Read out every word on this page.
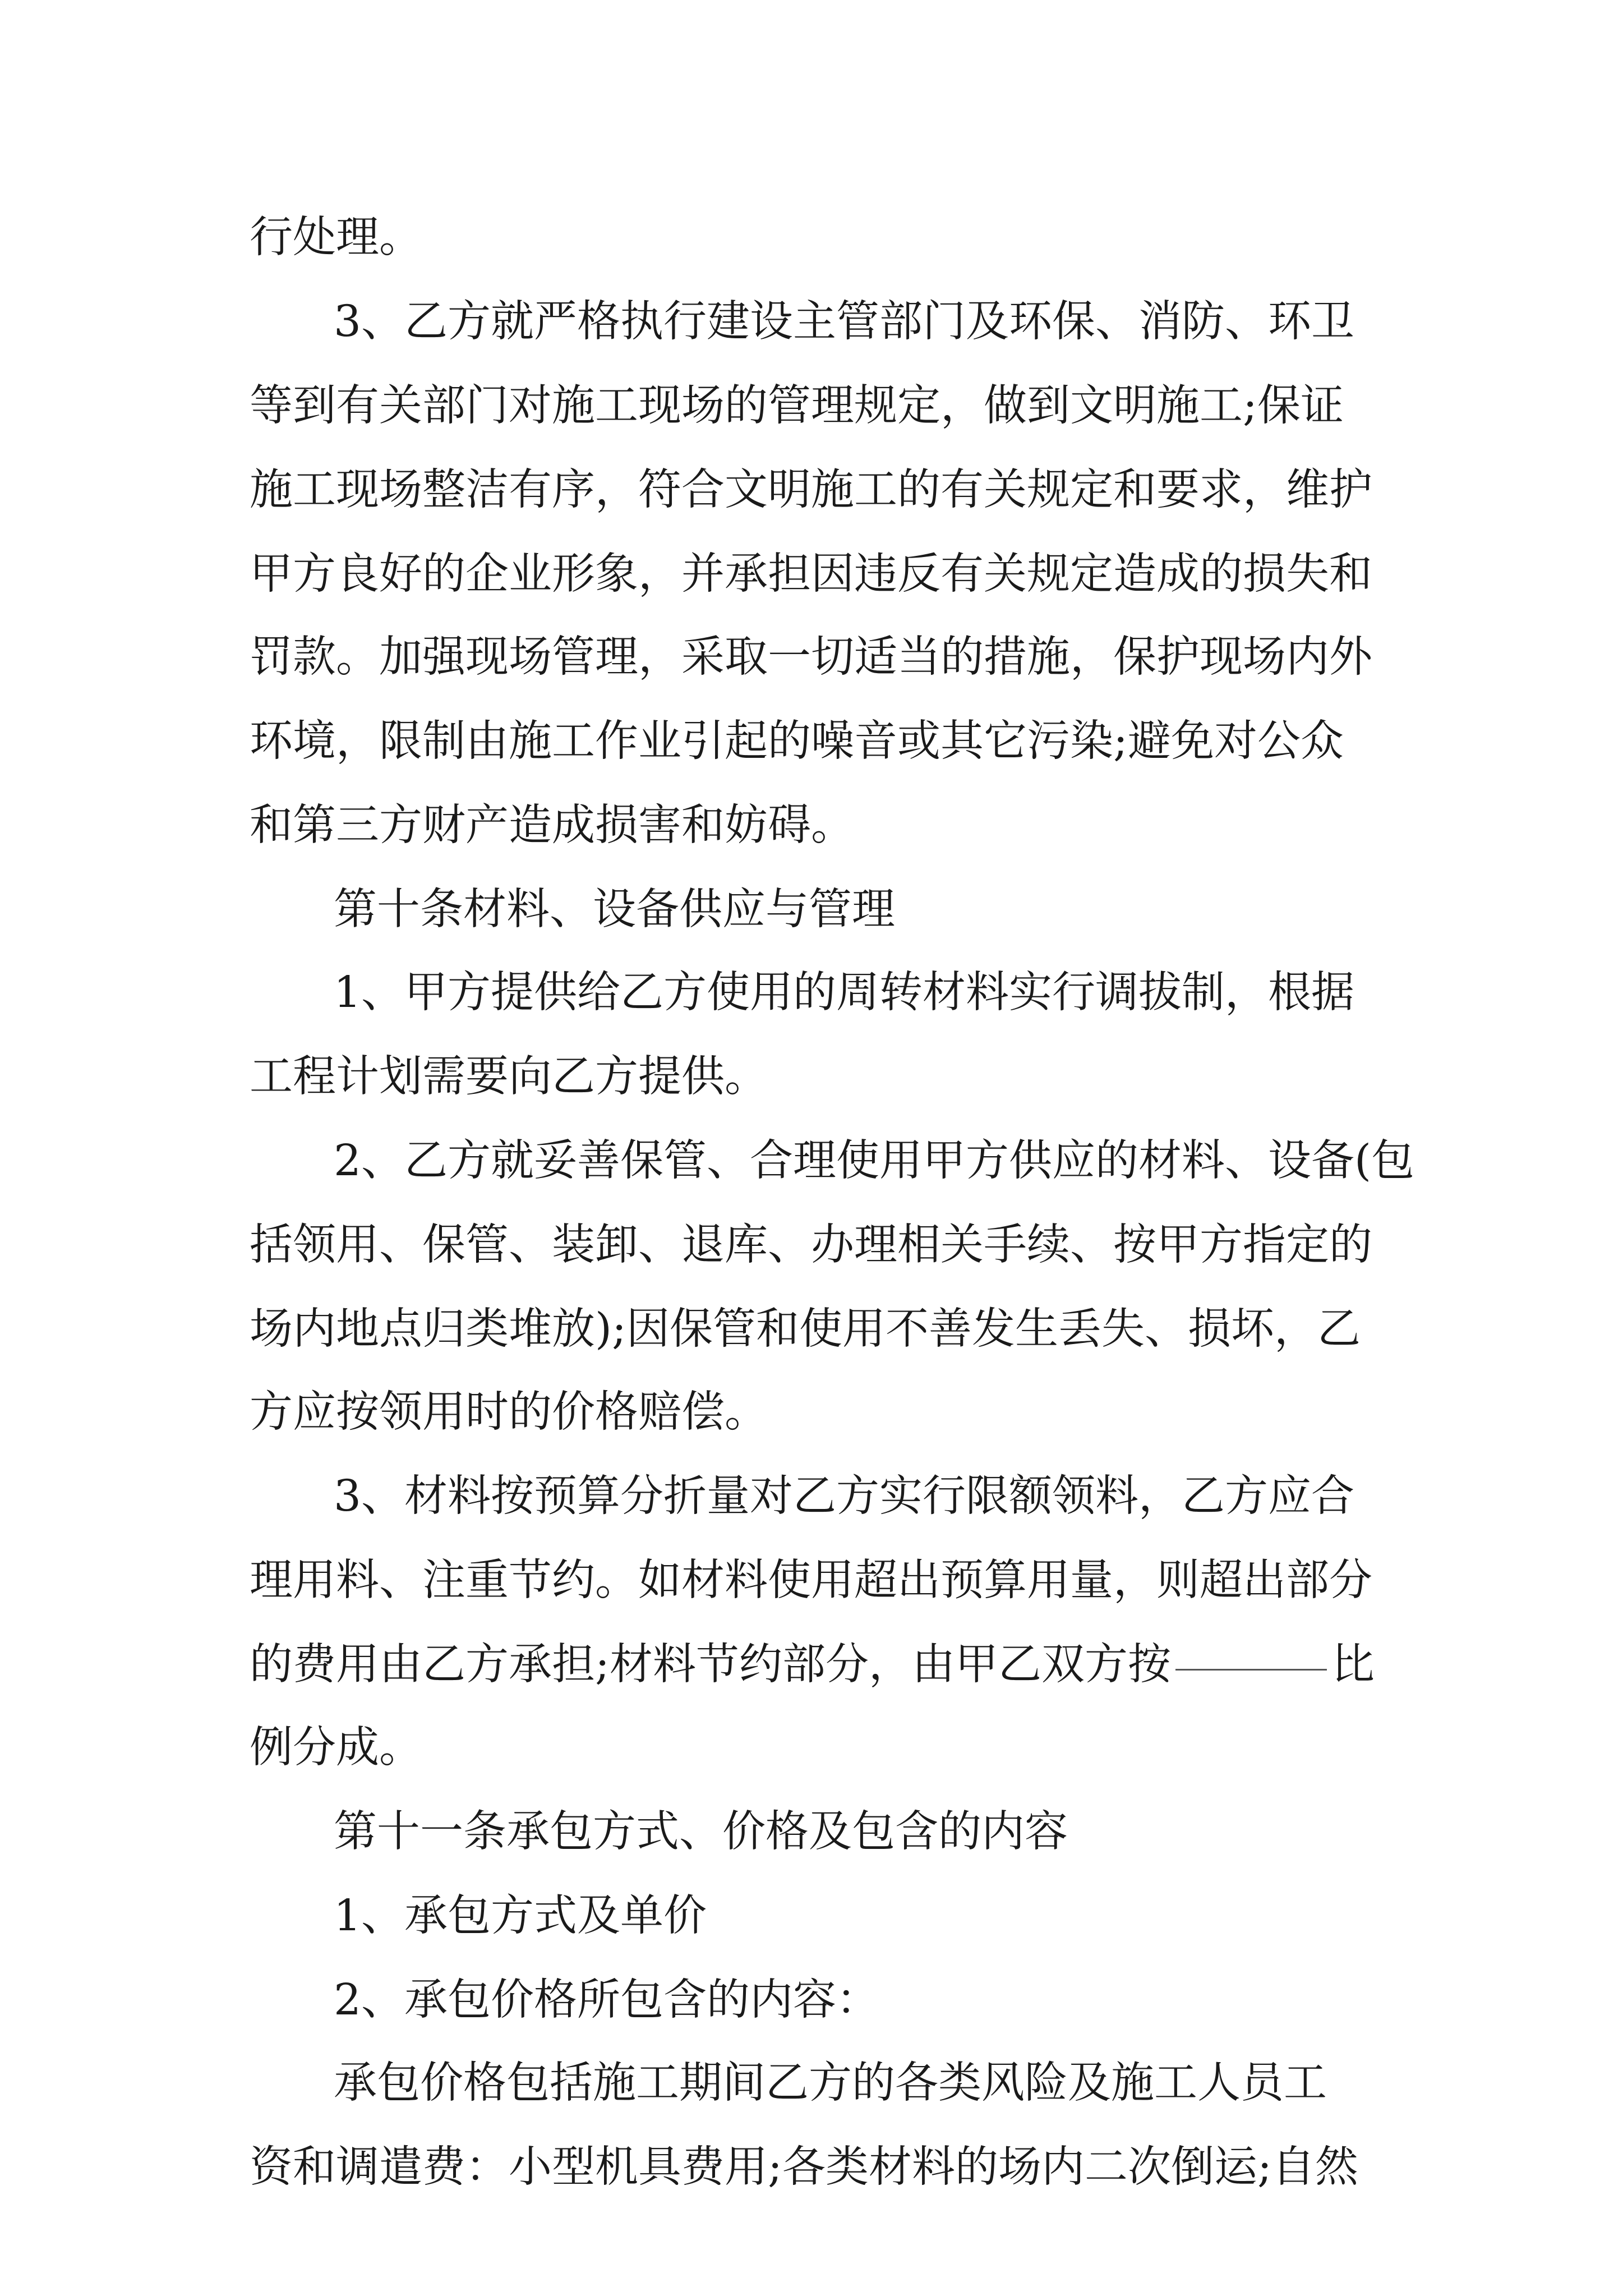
行处理。
3、乙方就严格执行建设主管部门及环保、消防、环卫
等到有关部门对施工现场的管理规定，做到文明施工;保证
施工现场整洁有序，符合文明施工的有关规定和要求，维护
甲方良好的企业形象，并承担因违反有关规定造成的损失和
罚款。加强现场管理，采取一切适当的措施，保护现场内外
环境，限制由施工作业引起的噪音或其它污染;避免对公众
和第三方财产造成损害和妨碍。
第十条材料、设备供应与管理
1、甲方提供给乙方使用的周转材料实行调拔制，根据
工程计划需要向乙方提供。
2、乙方就妥善保管、合理使用甲方供应的材料、设备(包
括领用、保管、装卸、退库、办理相关手续、按甲方指定的
场内地点归类堆放);因保管和使用不善发生丢失、损坏，乙
方应按领用时的价格赔偿。
3、材料按预算分折量对乙方实行限额领料，乙方应合
理用料、注重节约。如材料使用超出预算用量，则超出部分
的费用由乙方承担;材料节约部分，由甲乙双方按	比
例分成。
第十一条承包方式、价格及包含的内容
1、承包方式及单价
2、承包价格所包含的内容：
承包价格包括施工期间乙方的各类风险及施工人员工
资和调遣费：小型机具费用;各类材料的场内二次倒运;自然
